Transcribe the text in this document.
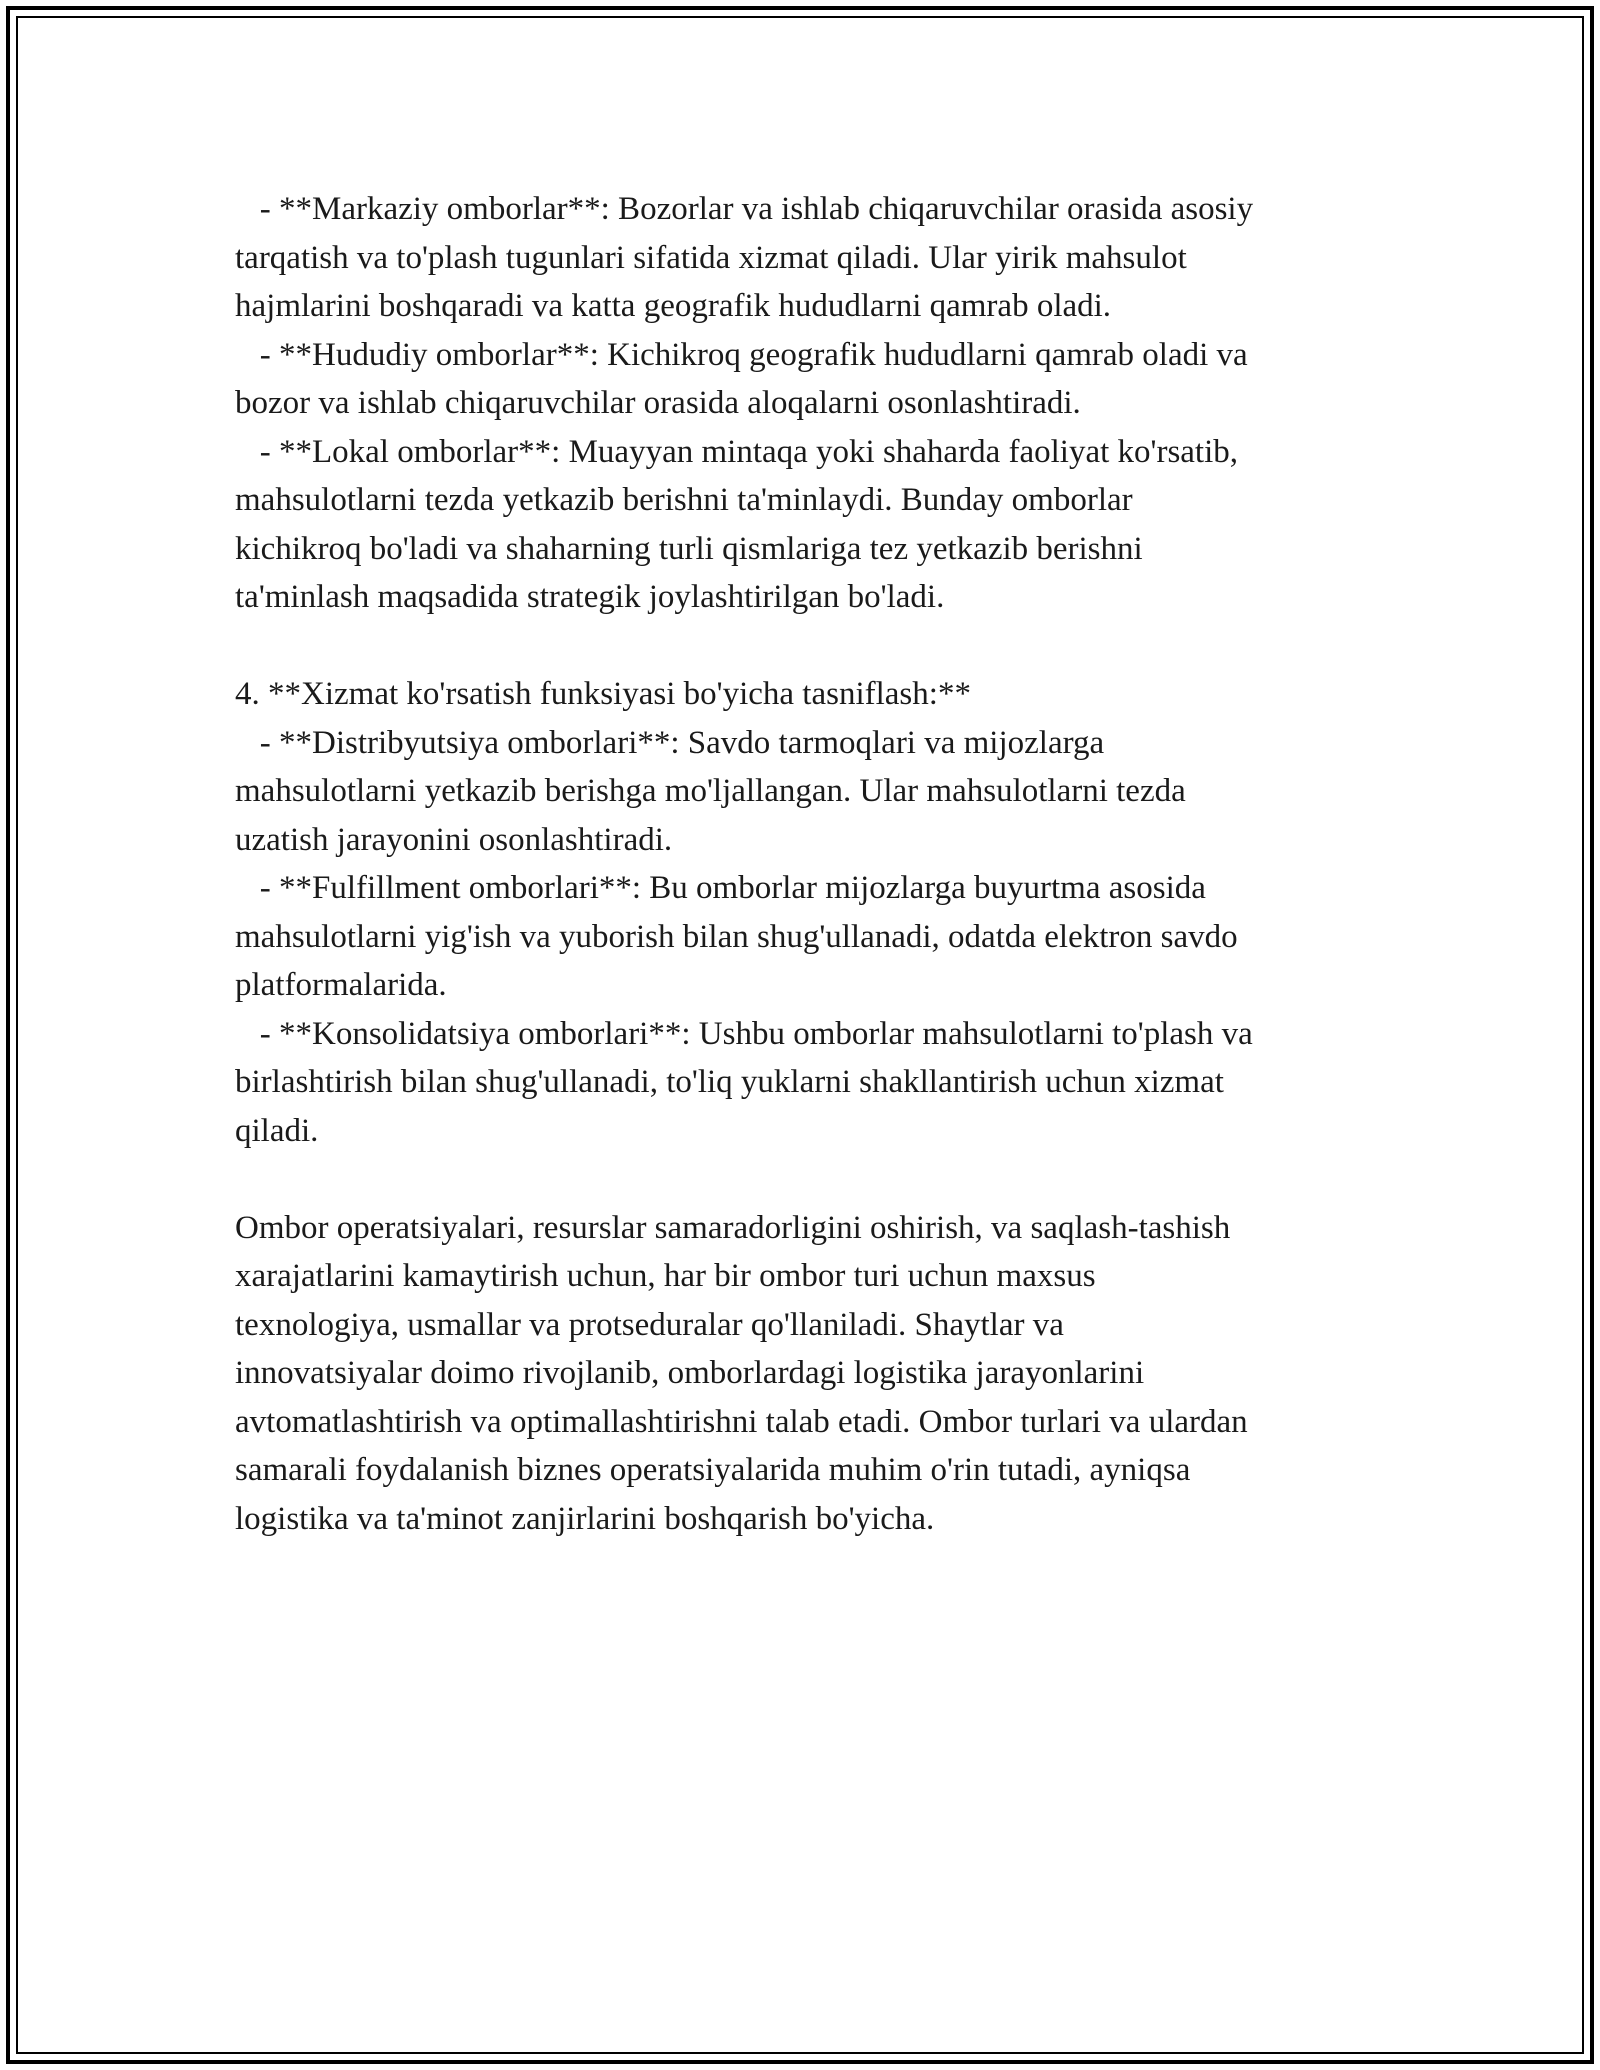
- **Markaziy omborlar**: Bozorlar va ishlab chiqaruvchilar orasida asosiy

tarqatish va to'plash tugunlari sifatida xizmat qiladi. Ular yirik mahsulot

hajmlarini boshqaradi va katta geografik hududlarni qamrab oladi.

- **Hududiy omborlar**: Kichikroq geografik hududlarni qamrab oladi va

bozor va ishlab chiqaruvchilar orasida aloqalarni osonlashtiradi.

- **Lokal omborlar**: Muayyan mintaqa yoki shaharda faoliyat ko'rsatib,

mahsulotlarni tezda yetkazib berishni ta'minlaydi. Bunday omborlar

kichikroq bo'ladi va shaharning turli qismlariga tez yetkazib berishni

ta'minlash maqsadida strategik joylashtirilgan bo'ladi.

4. **Xizmat ko'rsatish funksiyasi bo'yicha tasniflash:**

- **Distribyutsiya omborlari**: Savdo tarmoqlari va mijozlarga

mahsulotlarni yetkazib berishga mo'ljallangan. Ular mahsulotlarni tezda

uzatish jarayonini osonlashtiradi.

- **Fulfillment omborlari**: Bu omborlar mijozlarga buyurtma asosida

mahsulotlarni yig'ish va yuborish bilan shug'ullanadi, odatda elektron savdo

platformalarida.

- **Konsolidatsiya omborlari**: Ushbu omborlar mahsulotlarni to'plash va

birlashtirish bilan shug'ullanadi, to'liq yuklarni shakllantirish uchun xizmat

qiladi.

Ombor operatsiyalari, resurslar samaradorligini oshirish, va saqlash-tashish

xarajatlarini kamaytirish uchun, har bir ombor turi uchun maxsus

texnologiya, usmallar va protseduralar qo'llaniladi. Shaytlar va

innovatsiyalar doimo rivojlanib, omborlardagi logistika jarayonlarini

avtomatlashtirish va optimallashtirishni talab etadi. Ombor turlari va ulardan

samarali foydalanish biznes operatsiyalarida muhim o'rin tutadi, ayniqsa

logistika va ta'minot zanjirlarini boshqarish bo'yicha.
